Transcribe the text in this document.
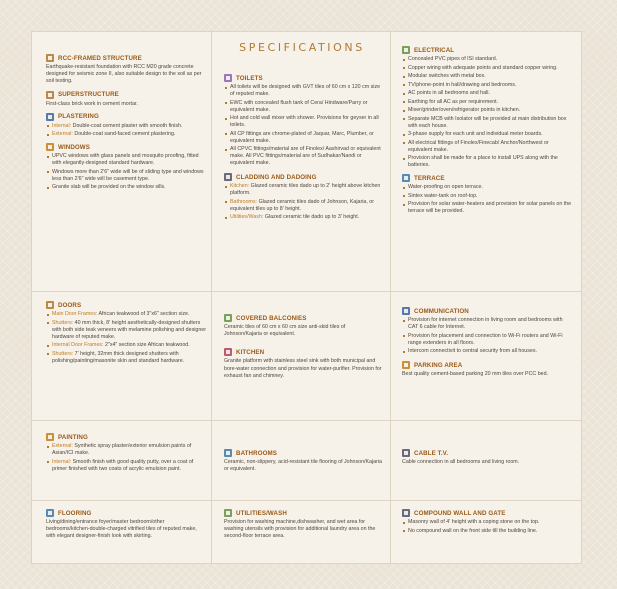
SPECIFICATIONS
RCC-FRAMED STRUCTURE
Earthquake-resistant foundation with RCC M20 grade concrete designed for seismic zone II, also suitable design to the soil as per soil testing.
SUPERSTRUCTURE
First-class brick work in cement mortar.
PLASTERING
Internal: Double-coat cement plaster with smooth finish.
External: Double-coat sand-faced cement plastering.
WINDOWS
UPVC windows with glass panels and mosquito proofing, fitted with elegantly-designed standard hardware.
Windows more than 2'6" wide will be of sliding type and windows less than 2'6" wide will be casement type.
Granite slab will be provided on the window sills.
TOILETS
All toilets will be designed with GVT tiles of 60 cm x 120 cm size of reputed make.
EWC with concealed flush tank of Cera/ Hindware/Parry or equivalent make.
Hot and cold wall mixer with shower. Provisions for geyser in all toilets.
All CP fittings are chrome-plated of Jaquar, Marc, Plumber, or equivalent make.
All CPVC fittings/material are of Finolex/ Aashirvad or equivalent make. All PVC fittings/material are of Sudhakar/Nandi or equivalent make.
CLADDING AND DADOING
Kitchen: Glazed ceramic tiles dado up to 2' height above kitchen platform.
Bathrooms: Glazed ceramic tiles dado of Johnson, Kajaria, or equivalent tiles up to 8' height.
Utilities/Wash: Glazed ceramic tile dado up to 3' height.
ELECTRICAL
Concealed PVC pipes of ISI standard.
Copper wiring with adequate points and standard copper wiring.
Modular switches with metal box.
TV/phone-point in hall/drawing and bedrooms.
AC points in all bedrooms and hall.
Earthing for all AC as per requirement.
Mixer/grinder/oven/refrigerator points in kitchen.
Separate MCB with Isolator will be provided at main distribution box with each house.
3-phase supply for each unit and individual meter boards.
All electrical fittings of Finolex/Finecab/ Anchor/Northwest or equivalent make.
Provision shall be made for a place to install UPS along with the batteries.
TERRACE
Water-proofing on open terrace.
Sintex water-tank on roof-top.
Provision for solar water-heaters and provision for solar panels on the terrace will be provided.
DOORS
Main Door Frames: African teakwood of 3"x6" section size.
Shutters: 40 mm thick, 8' height aesthetically-designed shutters with both side teak veneers with melamine polishing and designer hardware of reputed make.
Internal Door Frames: 2"x4" section size African teakwood.
Shutters: 7' height, 32mm thick designed shutters with polishing/painting/masonite skin and standard hardware.
COVERED BALCONIES
Ceramic tiles of 60 cm x 60 cm size anti-skid tiles of Johnson/Kajaria or equivalent.
KITCHEN
Granite platform with stainless steel sink with both municipal and bore-water connection and provision for water-purifier. Provision for exhaust fan and chimney.
COMMUNICATION
Provision for internet connection in living room and bedrooms with CAT 6 cable for Internet.
Provision for placement and connection to Wi-Fi routers and Wi-Fi range extenders in all floors.
Intercom connectivit to central security from all houses.
PARKING AREA
Best quality cement-based parking 20 mm tiles over PCC bed.
PAINTING
External: Synthetic spray plaster/exterior emulsion paints of Asian/ICI make.
Internal: Smooth finish with good quality putty, over a coat of primer finished with two coats of acrylic emulsion paint.
BATHROOMS
Ceramic, non-slippery, acid-resistant tile flooring of Johnson/Kajaria or equivalent.
CABLE T.V.
Cable connection in all bedrooms and living room.
FLOORING
Living/dining/entrance foyer/master bedroom/other bedrooms/kitchen-double-charged vitrified tiles of reputed make, with elegant designer-finish look with skirting.
UTILITIES/WASH
Provision for washing machine,dishwasher, and wet area for washing utensils with provision for additional laundry area on the second-floor terrace area.
COMPOUND WALL AND GATE
Masonry wall of 4' height with a coping stone on the top.
No compound wall on the front side till the building line.
